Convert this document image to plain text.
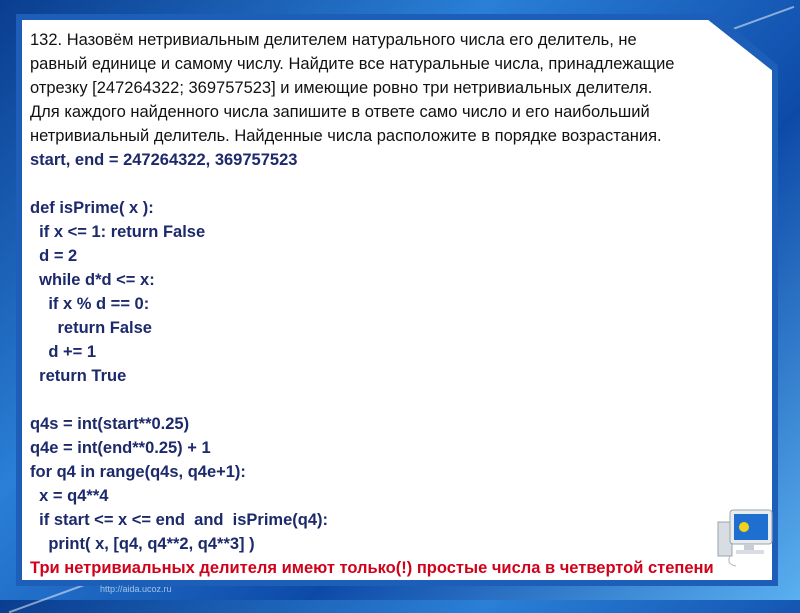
132. Назовём нетривиальным делителем натурального числа его делитель, не
равный единице и самому числу. Найдите все натуральные числа, принадлежащие
отрезку [247264322; 369757523] и имеющие ровно три нетривиальных делителя.
Для каждого найденного числа запишите в ответе само число и его наибольший
нетривиальный делитель. Найденные числа расположите в порядке возрастания.
start, end = 247264322, 369757523
def isPrime( x ):
if x <= 1: return False
d = 2
while d*d <= x:
if x % d == 0:
return False
d += 1
return True
q4s = int(start**0.25)
q4e = int(end**0.25) + 1
for q4 in range(q4s, q4e+1):
x = q4**4
if start <= x <= end  and  isPrime(q4):
print( x, [q4, q4**2, q4**3] )
Три нетривиальных делителя имеют только(!) простые числа в четвертой степени
http://aida.ucoz.ru
